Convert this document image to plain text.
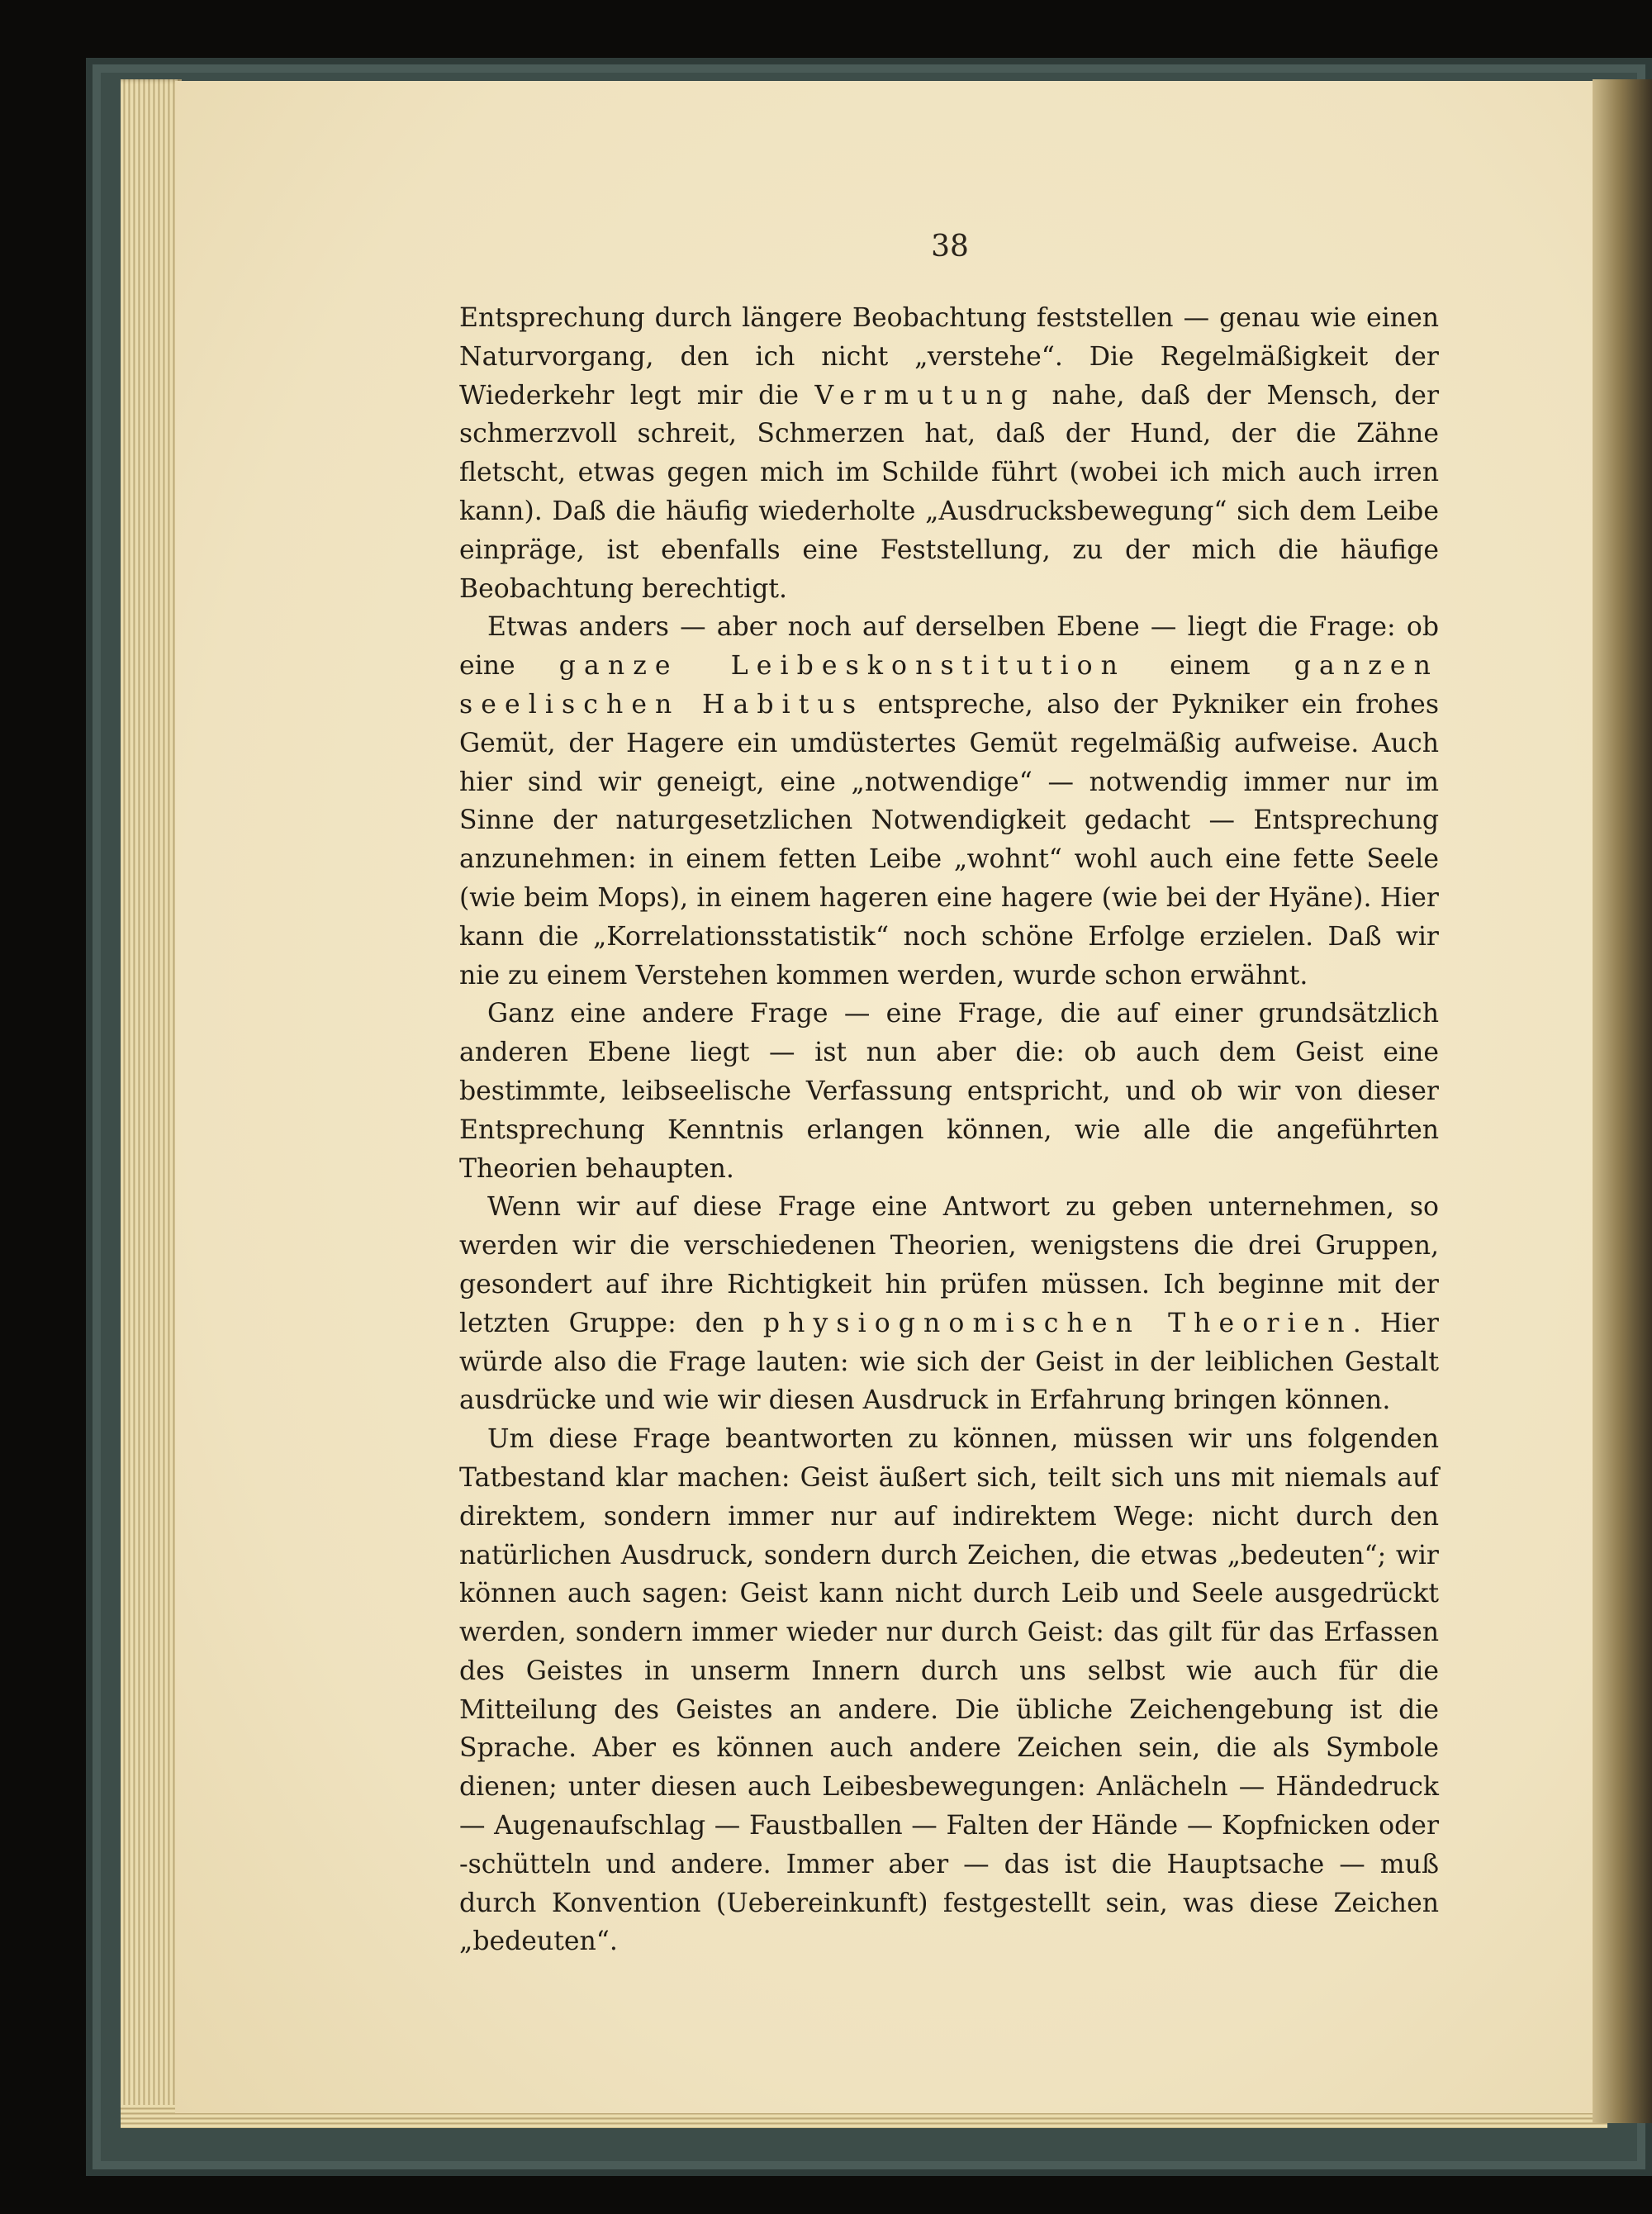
38

Entsprechung durch längere Beobachtung feststellen — genau wie einen Naturvorgang, den ich nicht „verstehe“. Die Regelmäßigkeit der Wiederkehr legt mir die Vermutung nahe, daß der Mensch, der schmerzvoll schreit, Schmerzen hat, daß der Hund, der die Zähne fletscht, etwas gegen mich im Schilde führt (wobei ich mich auch irren kann). Daß die häufig wiederholte „Ausdrucksbewegung“ sich dem Leibe einpräge, ist ebenfalls eine Feststellung, zu der mich die häufige Beobachtung berechtigt.

Etwas anders — aber noch auf derselben Ebene — liegt die Frage: ob eine ganze Leibeskonstitution einem ganzen seelischen Habitus entspreche, also der Pykniker ein frohes Gemüt, der Hagere ein umdüstertes Gemüt regelmäßig aufweise. Auch hier sind wir geneigt, eine „notwendige“ — notwendig immer nur im Sinne der naturgesetzlichen Notwendigkeit gedacht — Entsprechung anzunehmen: in einem fetten Leibe „wohnt“ wohl auch eine fette Seele (wie beim Mops), in einem hageren eine hagere (wie bei der Hyäne). Hier kann die „Korrelationsstatistik“ noch schöne Erfolge erzielen. Daß wir nie zu einem Verstehen kommen werden, wurde schon erwähnt.

Ganz eine andere Frage — eine Frage, die auf einer grundsätzlich anderen Ebene liegt — ist nun aber die: ob auch dem Geist eine bestimmte, leibseelische Verfassung entspricht, und ob wir von dieser Entsprechung Kenntnis erlangen können, wie alle die angeführten Theorien behaupten.

Wenn wir auf diese Frage eine Antwort zu geben unternehmen, so werden wir die verschiedenen Theorien, wenigstens die drei Gruppen, gesondert auf ihre Richtigkeit hin prüfen müssen. Ich beginne mit der letzten Gruppe: den physiognomischen Theorien. Hier würde also die Frage lauten: wie sich der Geist in der leiblichen Gestalt ausdrücke und wie wir diesen Ausdruck in Erfahrung bringen können.

Um diese Frage beantworten zu können, müssen wir uns folgenden Tatbestand klar machen: Geist äußert sich, teilt sich uns mit niemals auf direktem, sondern immer nur auf indirektem Wege: nicht durch den natürlichen Ausdruck, sondern durch Zeichen, die etwas „bedeuten“; wir können auch sagen: Geist kann nicht durch Leib und Seele ausgedrückt werden, sondern immer wieder nur durch Geist: das gilt für das Erfassen des Geistes in unserm Innern durch uns selbst wie auch für die Mitteilung des Geistes an andere. Die übliche Zeichengebung ist die Sprache. Aber es können auch andere Zeichen sein, die als Symbole dienen; unter diesen auch Leibesbewegungen: Anlächeln — Händedruck — Augenaufschlag — Faustballen — Falten der Hände — Kopfnicken oder -schütteln und andere. Immer aber — das ist die Hauptsache — muß durch Konvention (Uebereinkunft) festgestellt sein, was diese Zeichen „bedeuten“.
